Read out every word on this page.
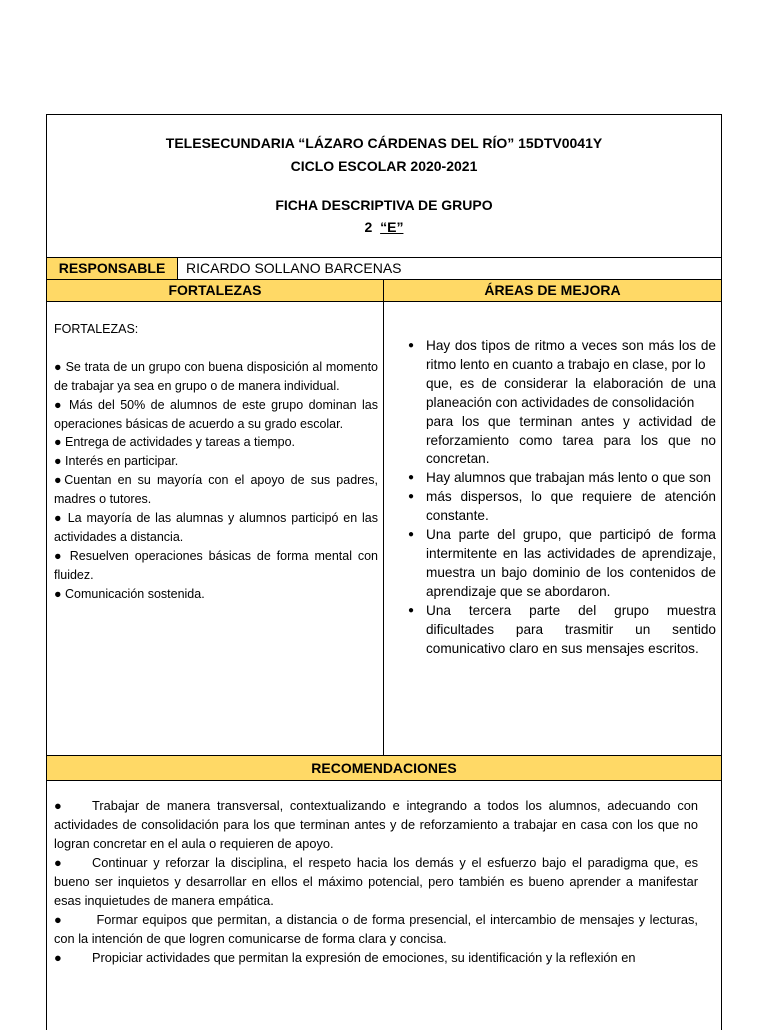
TELESECUNDARIA “LÁZARO CÁRDENAS DEL RÍO” 15DTV0041Y
CICLO ESCOLAR 2020-2021
FICHA DESCRIPTIVA DE GRUPO
2 “E”
RESPONSABLE	RICARDO SOLLANO BARCENAS
FORTALEZAS	ÁREAS DE MEJORA

FORTALEZAS:

● Se trata de un grupo con buena disposición al momento de trabajar ya sea en grupo o de manera individual.

● Más del 50% de alumnos de este grupo dominan las operaciones básicas de acuerdo a su grado escolar.

● Entrega de actividades y tareas a tiempo.

● Interés en participar.

●Cuentan en su mayoría con el apoyo de sus padres, madres o tutores.

● La mayoría de las alumnas y alumnos participó en las actividades a distancia.

● Resuelven operaciones básicas de forma mental con fluidez.

● Comunicación sostenida.

● Hay dos tipos de ritmo a veces son más los de ritmo lento en cuanto a trabajo en clase, por lo
que, es de considerar la elaboración de una planeación con actividades de consolidación
para los que terminan antes y actividad de reforzamiento como tarea para los que no concretan.
● Hay alumnos que trabajan más lento o que son
● más dispersos, lo que requiere de atención constante.
● Una parte del grupo, que participó de forma intermitente en las actividades de aprendizaje, muestra un bajo dominio de los contenidos de aprendizaje que se abordaron.
● Una tercera parte del grupo muestra dificultades para trasmitir un sentido comunicativo claro en sus mensajes escritos.
RECOMENDACIONES

● Trabajar de manera transversal, contextualizando e integrando a todos los alumnos, adecuando con actividades de consolidación para los que terminan antes y de reforzamiento a trabajar en casa con los que no logran concretar en el aula o requieren de apoyo.

● Continuar y reforzar la disciplina, el respeto hacia los demás y el esfuerzo bajo el paradigma que, es bueno ser inquietos y desarrollar en ellos el máximo potencial, pero también es bueno aprender a manifestar esas inquietudes de manera empática.

● Formar equipos que permitan, a distancia o de forma presencial, el intercambio de mensajes y lecturas, con la intención de que logren comunicarse de forma clara y concisa.

● Propiciar actividades que permitan la expresión de emociones, su identificación y la reflexión en
